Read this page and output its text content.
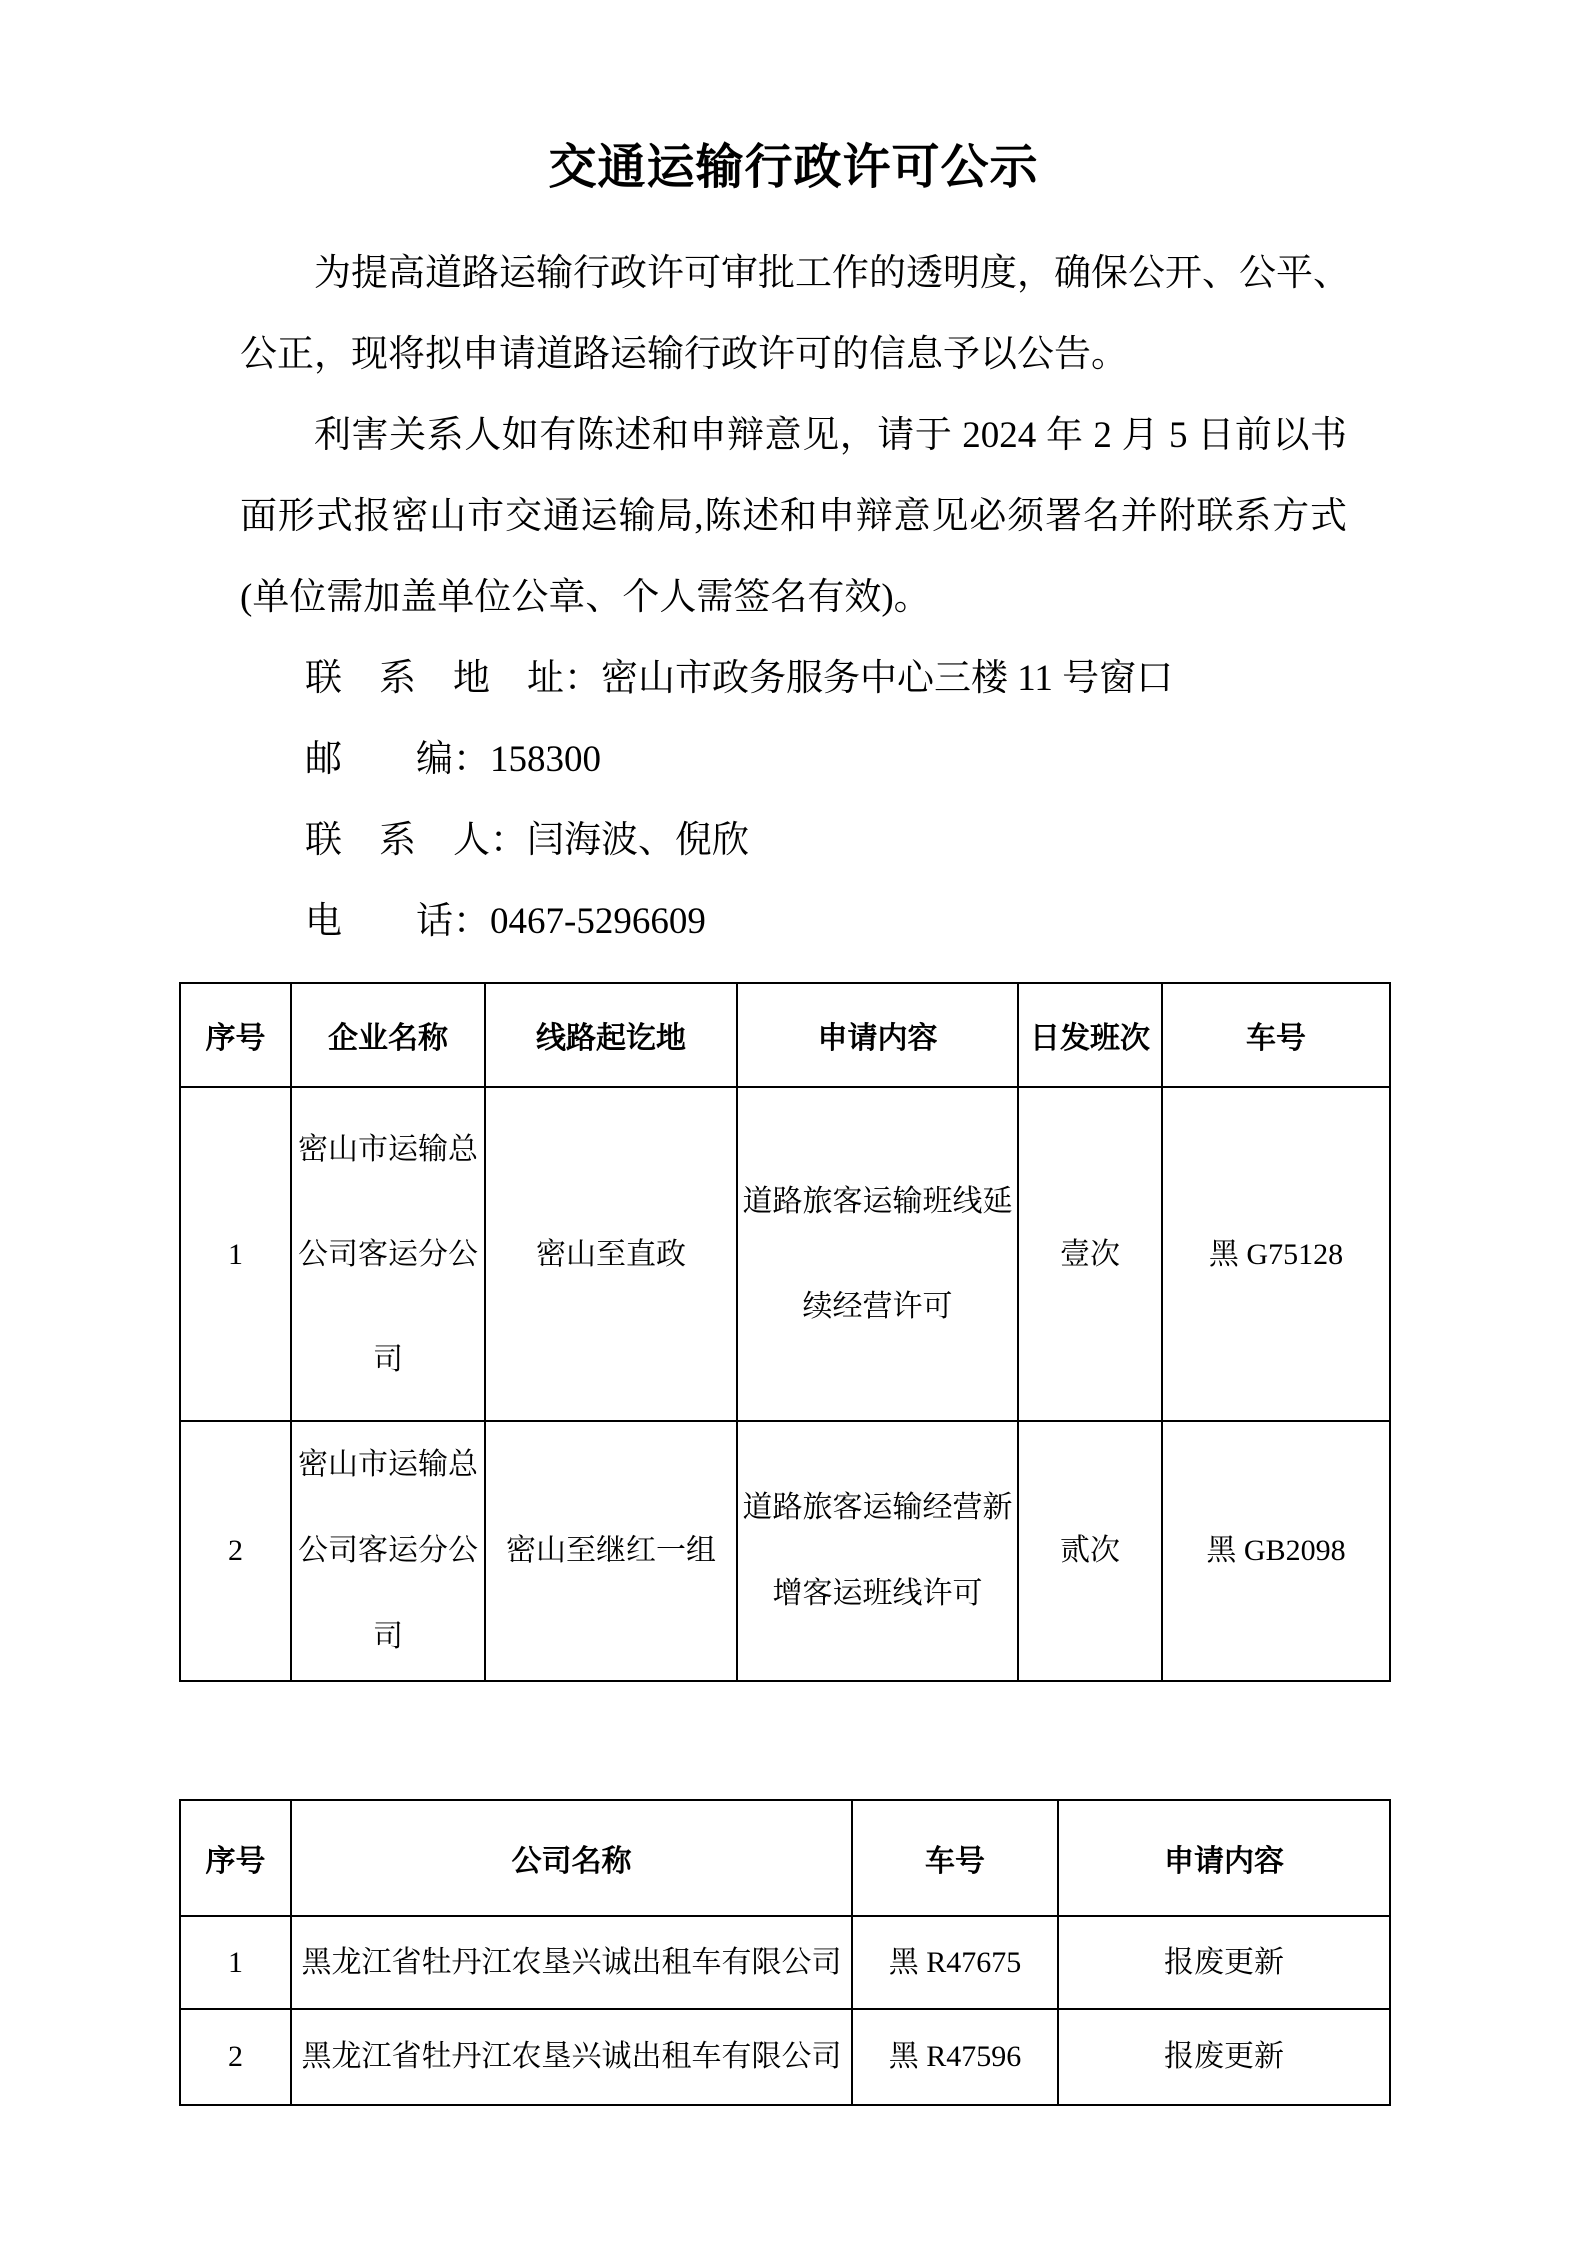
交通运输行政许可公示
为提高道路运输行政许可审批工作的透明度，确保公开、公平、
公正，现将拟申请道路运输行政许可的信息予以公告。
利害关系人如有陈述和申辩意见，请于 2024 年 2 月 5 日前以书
面形式报密山市交通运输局,陈述和申辩意见必须署名并附联系方式
(单位需加盖单位公章、个人需签名有效)。
联　系　地　址：密山市政务服务中心三楼 11 号窗口
邮　　编：158300
联　系　人：闫海波、倪欣
电　　话：0467-5296609
序号	企业名称	线路起讫地	申请内容	日发班次	车号
1	密山市运输总公司客运分公司	密山至直政	道路旅客运输班线延续经营许可	壹次	黑 G75128
2	密山市运输总公司客运分公司	密山至继红一组	道路旅客运输经营新增客运班线许可	贰次	黑 GB2098
序号	公司名称	车号	申请内容
1	黑龙江省牡丹江农垦兴诚出租车有限公司	黑 R47675	报废更新
2	黑龙江省牡丹江农垦兴诚出租车有限公司	黑 R47596	报废更新
